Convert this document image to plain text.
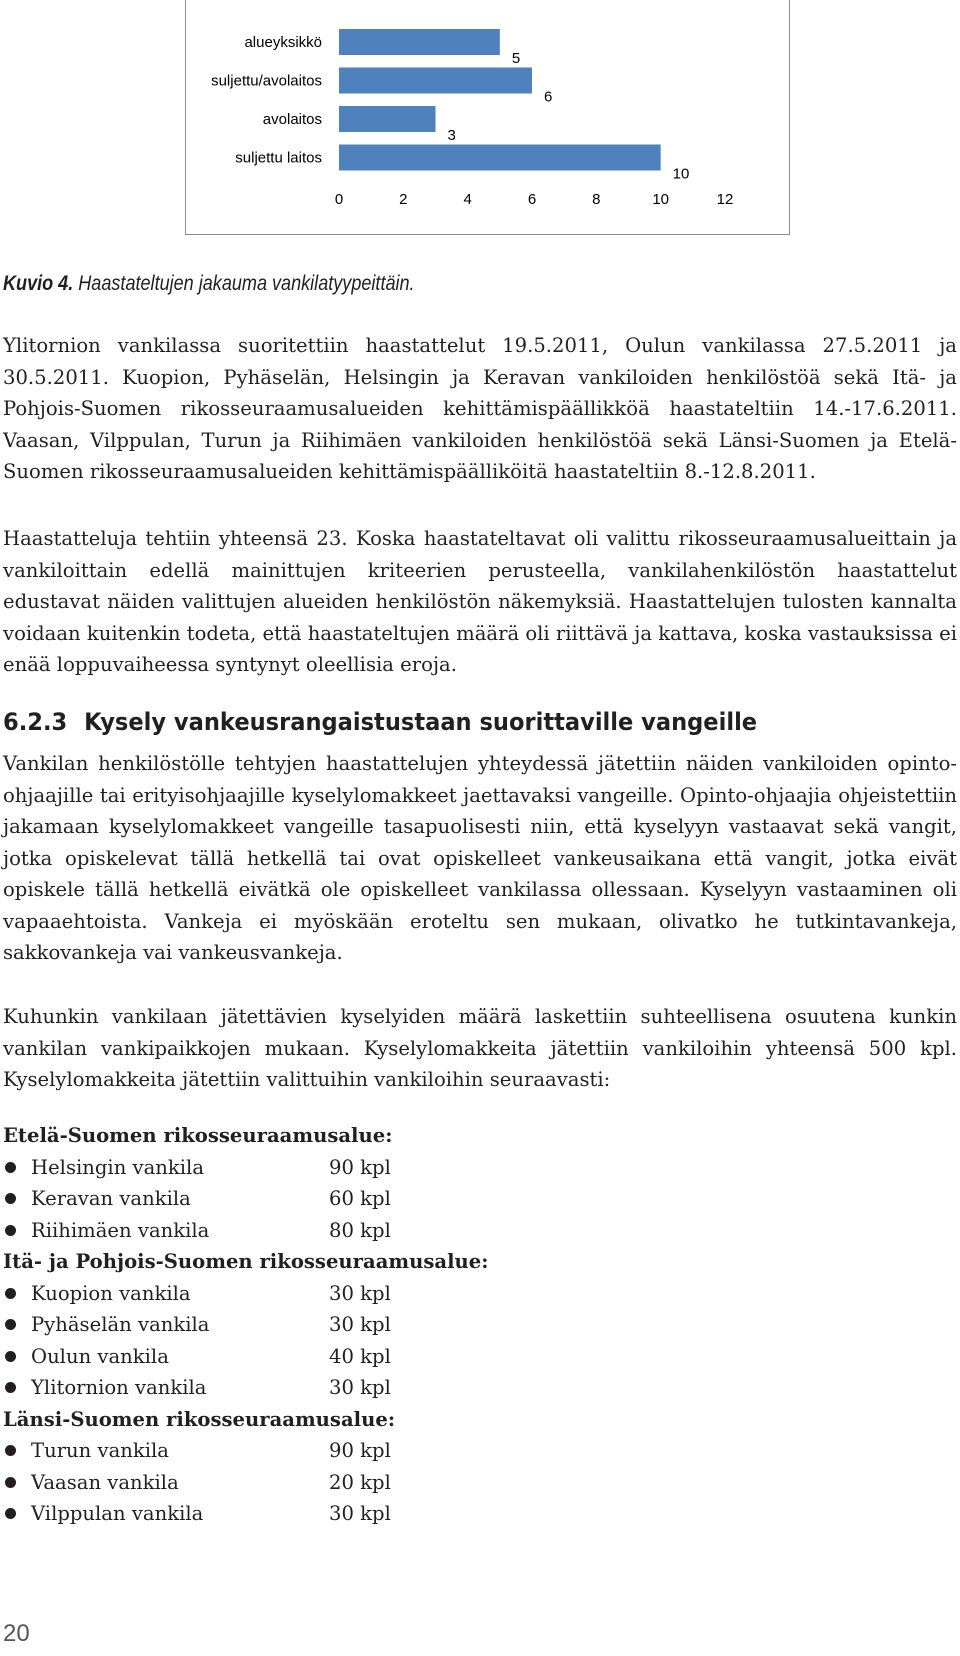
alueyksikkö
5
suljettu/avolaitos
6
avolaitos
3
suljettu laitos
10
0	2	4	6	8	10	12
Kuvio 4. Haastateltujen jakauma vankilatyypeittäin.

Ylitornion vankilassa suoritettiin haastattelut 19.5.2011, Oulun vankilassa 27.5.2011 ja 30.5.2011. Kuopion, Pyhäselän, Helsingin ja Keravan vankiloiden henkilöstöä sekä Itä- ja Pohjois-Suomen rikosseuraamusalueiden kehittämispäällikköä haastateltiin 14.-17.6.2011. Vaasan, Vilppulan, Turun ja Riihimäen vankiloiden henkilöstöä sekä Länsi-Suomen ja Etelä-Suomen rikosseuraamusalueiden kehittämispäälliköitä haastateltiin 8.-12.8.2011.

Haastatteluja tehtiin yhteensä 23. Koska haastateltavat oli valittu rikosseuraamusalueittain ja vankiloittain edellä mainittujen kriteerien perusteella, vankilahenkilöstön haastattelut edustavat näiden valittujen alueiden henkilöstön näkemyksiä. Haastattelujen tulosten kannalta voidaan kuitenkin todeta, että haastateltujen määrä oli riittävä ja kattava, koska vastauksissa ei enää loppuvaiheessa syntynyt oleellisia eroja.

6.2.3 Kysely vankeusrangaistustaan suorittaville vangeille

Vankilan henkilöstölle tehtyjen haastattelujen yhteydessä jätettiin näiden vankiloiden opinto-ohjaajille tai erityisohjaajille kyselylomakkeet jaettavaksi vangeille. Opinto-ohjaajia ohjeistettiin jakamaan kyselylomakkeet vangeille tasapuolisesti niin, että kyselyyn vastaavat sekä vangit, jotka opiskelevat tällä hetkellä tai ovat opiskelleet vankeusaikana että vangit, jotka eivät opiskele tällä hetkellä eivätkä ole opiskelleet vankilassa ollessaan. Kyselyyn vastaaminen oli vapaaehtoista. Vankeja ei myöskään eroteltu sen mukaan, olivatko he tutkintavankeja, sakkovankeja vai vankeusvankeja.

Kuhunkin vankilaan jätettävien kyselyiden määrä laskettiin suhteellisena osuutena kunkin vankilan vankipaikkojen mukaan. Kyselylomakkeita jätettiin vankiloihin yhteensä 500 kpl. Kyselylomakkeita jätettiin valittuihin vankiloihin seuraavasti:

Etelä-Suomen rikosseuraamusalue:
Helsingin vankila	90 kpl
Keravan vankila	60 kpl
Riihimäen vankila	80 kpl
Itä- ja Pohjois-Suomen rikosseuraamusalue:
Kuopion vankila	30 kpl
Pyhäselän vankila	30 kpl
Oulun vankila	40 kpl
Ylitornion vankila	30 kpl
Länsi-Suomen rikosseuraamusalue:
Turun vankila	90 kpl
Vaasan vankila	20 kpl
Vilppulan vankila	30 kpl
20
